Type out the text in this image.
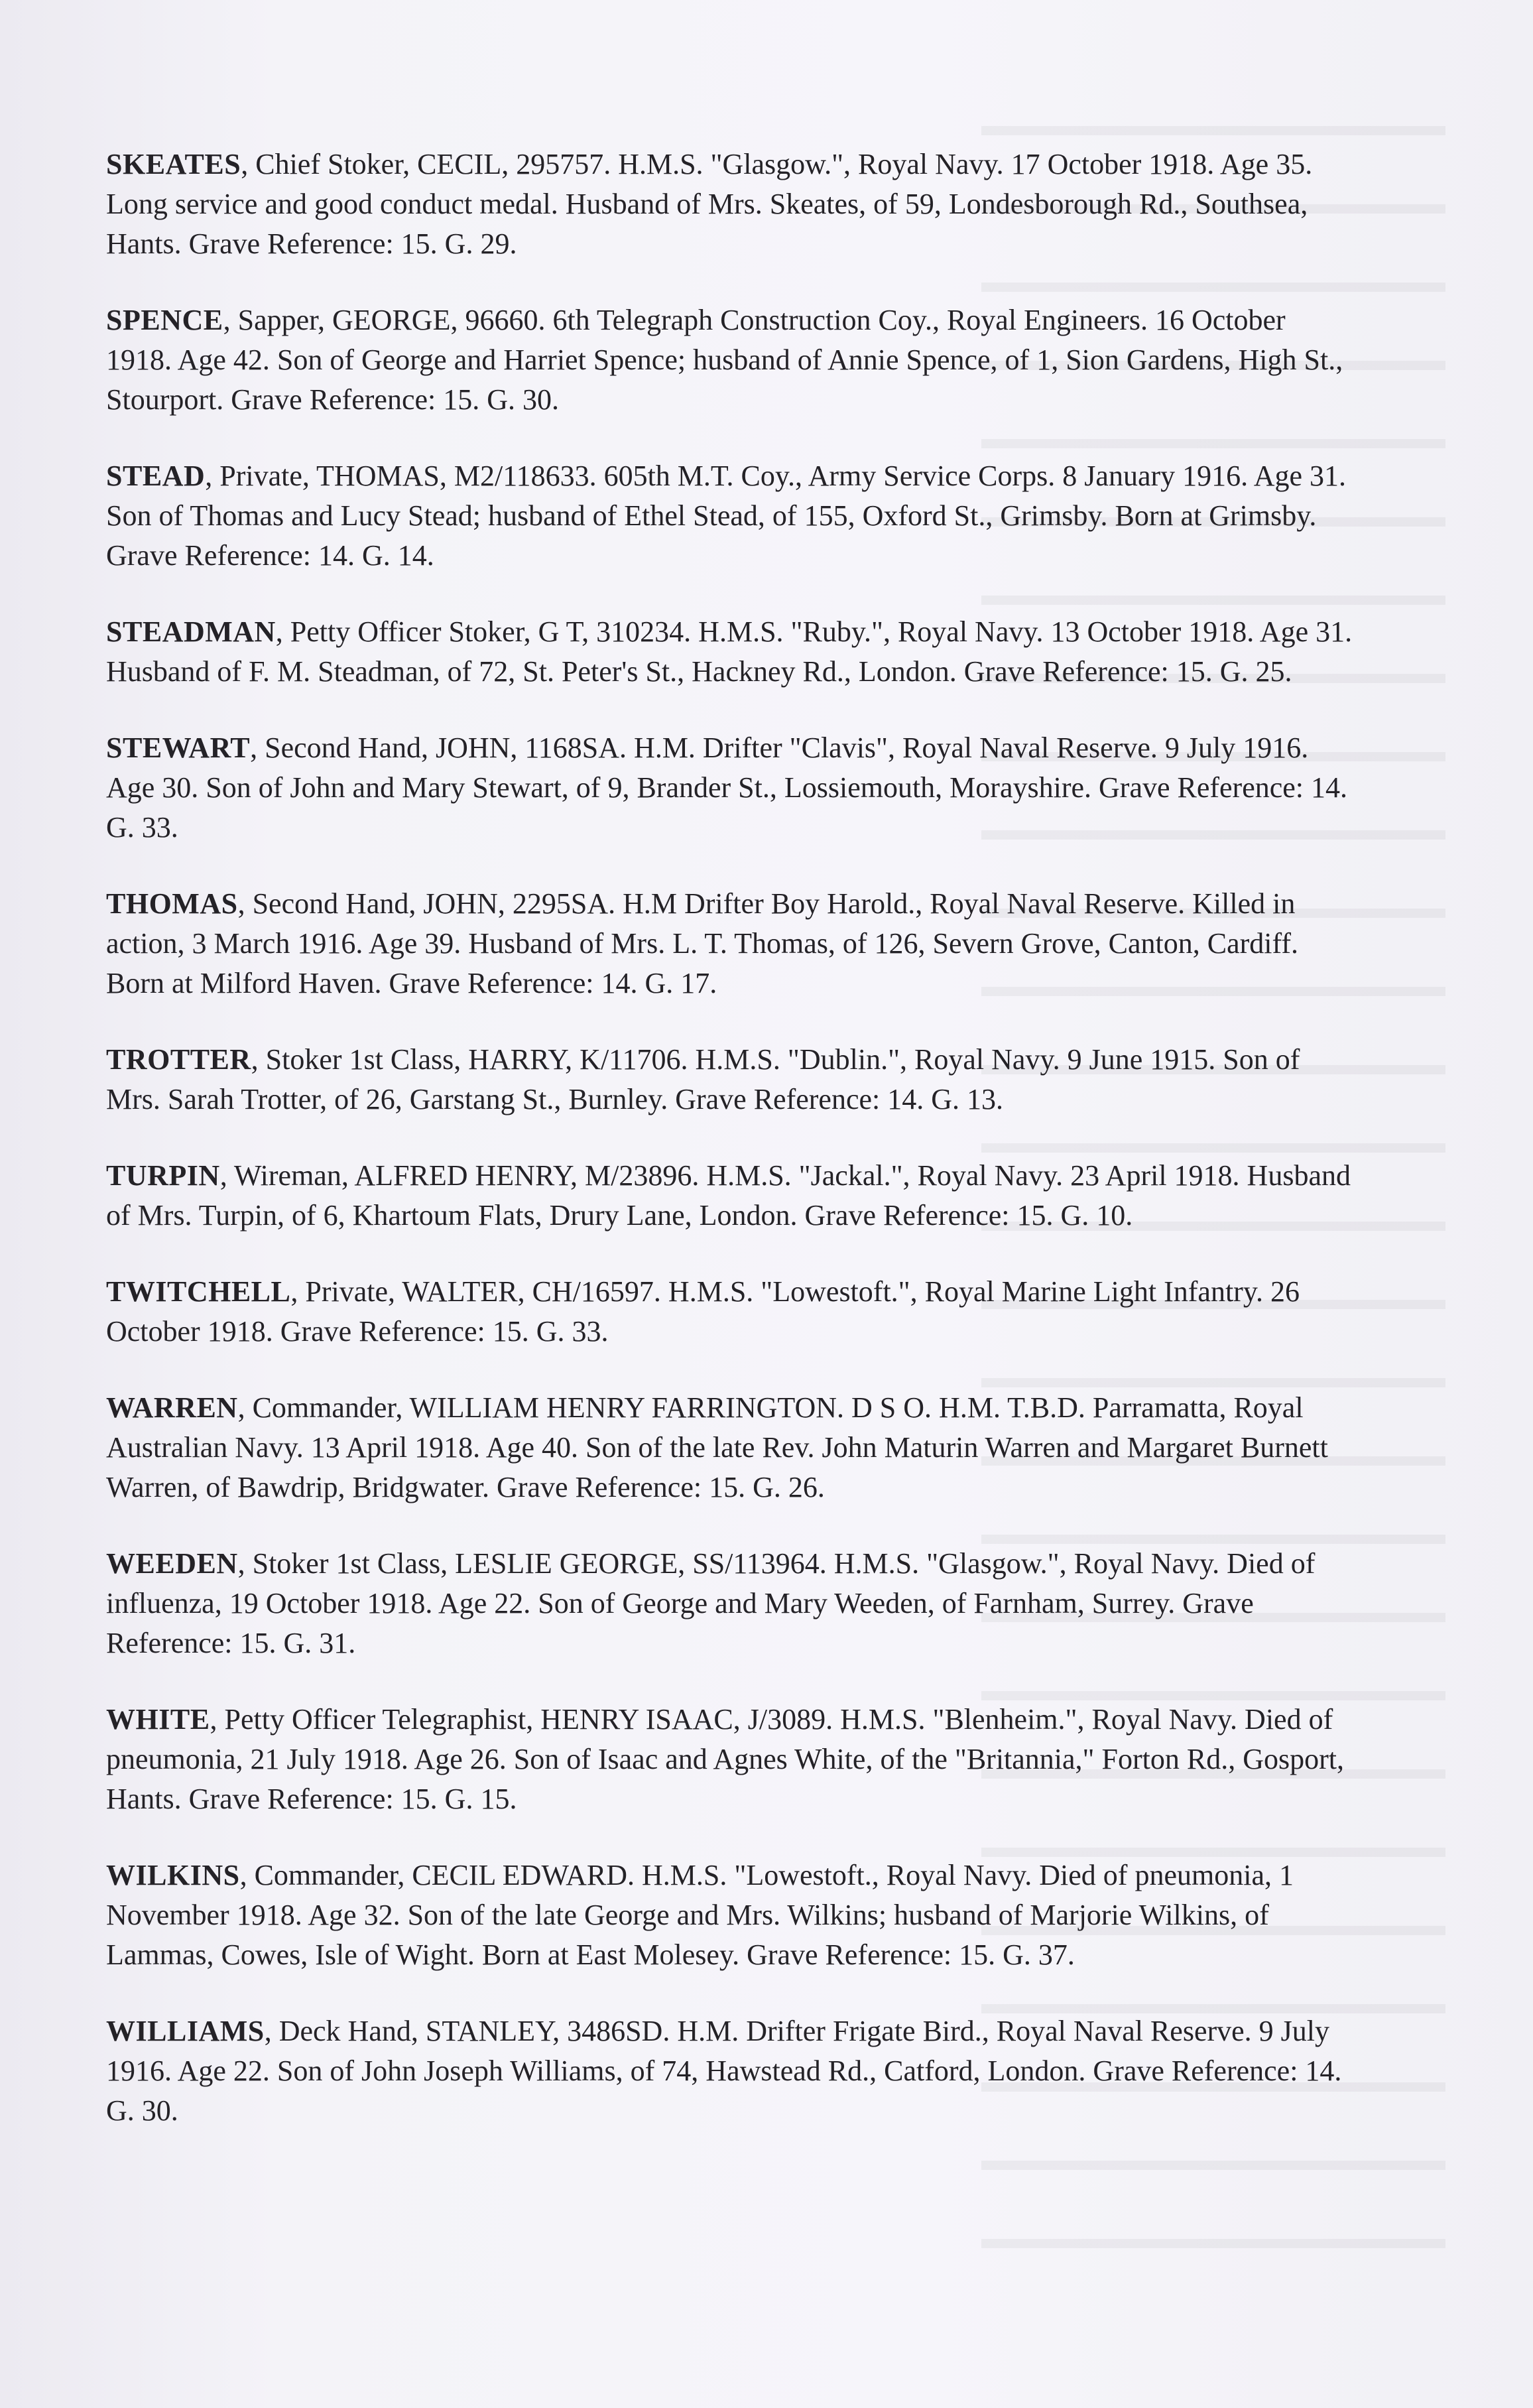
SKEATES, Chief Stoker, CECIL, 295757. H.M.S. "Glasgow.", Royal Navy. 17 October 1918. Age 35. Long service and good conduct medal. Husband of Mrs. Skeates, of 59, Londesborough Rd., Southsea, Hants. Grave Reference: 15. G. 29.

SPENCE, Sapper, GEORGE, 96660. 6th Telegraph Construction Coy., Royal Engineers. 16 October 1918. Age 42. Son of George and Harriet Spence; husband of Annie Spence, of 1, Sion Gardens, High St., Stourport. Grave Reference: 15. G. 30.

STEAD, Private, THOMAS, M2/118633. 605th M.T. Coy., Army Service Corps. 8 January 1916. Age 31. Son of Thomas and Lucy Stead; husband of Ethel Stead, of 155, Oxford St., Grimsby. Born at Grimsby. Grave Reference: 14. G. 14.

STEADMAN, Petty Officer Stoker, G T, 310234. H.M.S. "Ruby.", Royal Navy. 13 October 1918. Age 31. Husband of F. M. Steadman, of 72, St. Peter's St., Hackney Rd., London. Grave Reference: 15. G. 25.

STEWART, Second Hand, JOHN, 1168SA. H.M. Drifter "Clavis", Royal Naval Reserve. 9 July 1916. Age 30. Son of John and Mary Stewart, of 9, Brander St., Lossiemouth, Morayshire. Grave Reference: 14. G. 33.

THOMAS, Second Hand, JOHN, 2295SA. H.M Drifter Boy Harold., Royal Naval Reserve. Killed in action, 3 March 1916. Age 39. Husband of Mrs. L. T. Thomas, of 126, Severn Grove, Canton, Cardiff. Born at Milford Haven. Grave Reference: 14. G. 17.

TROTTER, Stoker 1st Class, HARRY, K/11706. H.M.S. "Dublin.", Royal Navy. 9 June 1915. Son of Mrs. Sarah Trotter, of 26, Garstang St., Burnley. Grave Reference: 14. G. 13.

TURPIN, Wireman, ALFRED HENRY, M/23896. H.M.S. "Jackal.", Royal Navy. 23 April 1918. Husband of Mrs. Turpin, of 6, Khartoum Flats, Drury Lane, London. Grave Reference: 15. G. 10.

TWITCHELL, Private, WALTER, CH/16597. H.M.S. "Lowestoft.", Royal Marine Light Infantry. 26 October 1918. Grave Reference: 15. G. 33.

WARREN, Commander, WILLIAM HENRY FARRINGTON. D S O. H.M. T.B.D. Parramatta, Royal Australian Navy. 13 April 1918. Age 40. Son of the late Rev. John Maturin Warren and Margaret Burnett Warren, of Bawdrip, Bridgwater. Grave Reference: 15. G. 26.

WEEDEN, Stoker 1st Class, LESLIE GEORGE, SS/113964. H.M.S. "Glasgow.", Royal Navy. Died of influenza, 19 October 1918. Age 22. Son of George and Mary Weeden, of Farnham, Surrey. Grave Reference: 15. G. 31.

WHITE, Petty Officer Telegraphist, HENRY ISAAC, J/3089. H.M.S. "Blenheim.", Royal Navy. Died of pneumonia, 21 July 1918. Age 26. Son of Isaac and Agnes White, of the "Britannia," Forton Rd., Gosport, Hants. Grave Reference: 15. G. 15.

WILKINS, Commander, CECIL EDWARD. H.M.S. "Lowestoft., Royal Navy. Died of pneumonia, 1 November 1918. Age 32. Son of the late George and Mrs. Wilkins; husband of Marjorie Wilkins, of Lammas, Cowes, Isle of Wight. Born at East Molesey. Grave Reference: 15. G. 37.

WILLIAMS, Deck Hand, STANLEY, 3486SD. H.M. Drifter Frigate Bird., Royal Naval Reserve. 9 July 1916. Age 22. Son of John Joseph Williams, of 74, Hawstead Rd., Catford, London. Grave Reference: 14. G. 30.
